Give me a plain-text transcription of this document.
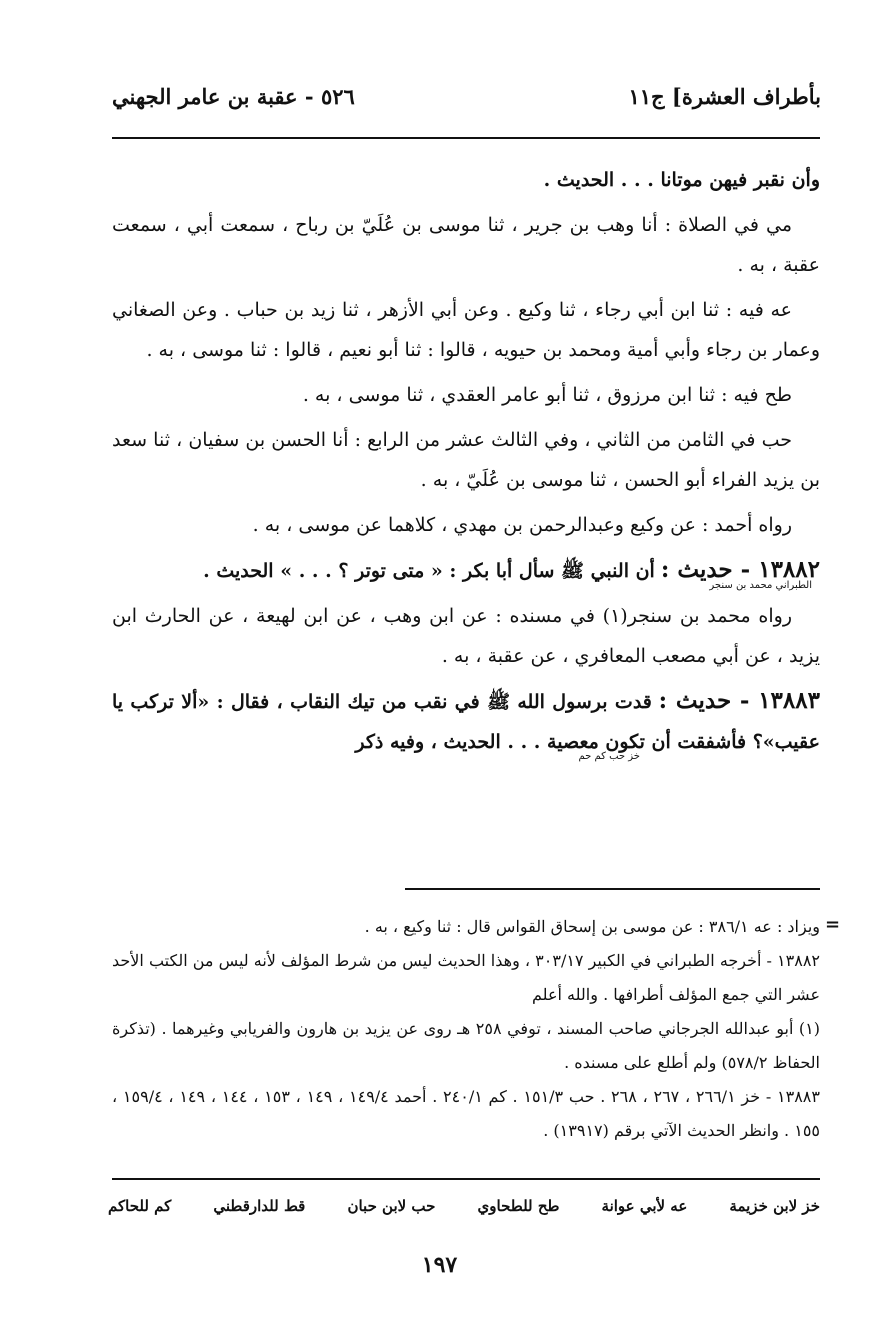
بأطراف العشرة] ج١١
٥٢٦ - عقبة بن عامر الجهني

وأن نقبر فيهن موتانا . . . الحديث .

مي في الصلاة : أنا وهب بن جرير ، ثنا موسى بن عُلَيّ بن رباح ، سمعت أبي ، سمعت عقبة ، به .

عه فيه : ثنا ابن أبي رجاء ، ثنا وكيع . وعن أبي الأزهر ، ثنا زيد بن حباب . وعن الصغاني وعمار بن رجاء وأبي أمية ومحمد بن حيويه ، قالوا : ثنا أبو نعيم ، قالوا : ثنا موسى ، به .

طح فيه : ثنا ابن مرزوق ، ثنا أبو عامر العقدي ، ثنا موسى ، به .

حب في الثامن من الثاني ، وفي الثالث عشر من الرابع : أنا الحسن بن سفيان ، ثنا سعد بن يزيد الفراء أبو الحسن ، ثنا موسى بن عُلَيّ ، به .

رواه أحمد : عن وكيع وعبدالرحمن بن مهدي ، كلاهما عن موسى ، به .

١٣٨٨٢ - حديث : أن النبي ﷺ سأل أبا بكر : « متى توتر ؟ . . . » الحديث .
الطبراني محمد بن سنجر

رواه محمد بن سنجر(١) في مسنده : عن ابن وهب ، عن ابن لهيعة ، عن الحارث ابن يزيد ، عن أبي مصعب المعافري ، عن عقبة ، به .

١٣٨٨٣ - حديث : قدت برسول الله ﷺ في نقب من تيك النقاب ، فقال : «ألا تركب يا عقيب»؟ فأشفقت أن تكون معصية . . . الحديث ، وفيه ذكر
خز حب كم حم

=

ويزاد : عه ٣٨٦/١ : عن موسى بن إسحاق القواس قال : ثنا وكيع ، به .

١٣٨٨٢ - أخرجه الطبراني في الكبير ٣٠٣/١٧ ، وهذا الحديث ليس من شرط المؤلف لأنه ليس من الكتب الأحد عشر التي جمع المؤلف أطرافها . والله أعلم

(١) أبو عبدالله الجرجاني صاحب المسند ، توفي ٢٥٨ هـ روى عن يزيد بن هارون والفريابي وغيرهما . (تذكرة الحفاظ ٥٧٨/٢) ولم أطلع على مسنده .

١٣٨٨٣ - خز ٢٦٦/١ ، ٢٦٧ ، ٢٦٨ . حب ١٥١/٣ . كم ٢٤٠/١ . أحمد ١٤٩/٤ ، ١٤٩ ، ١٥٣ ، ١٤٤ ، ١٤٩ ، ١٥٩/٤ ، ١٥٥ . وانظر الحديث الآتي برقم (١٣٩١٧) .

خز لابن خزيمة
عه لأبي عوانة
طح للطحاوي
حب لابن حبان
قط للدارقطني
كم للحاكم
١٩٧
